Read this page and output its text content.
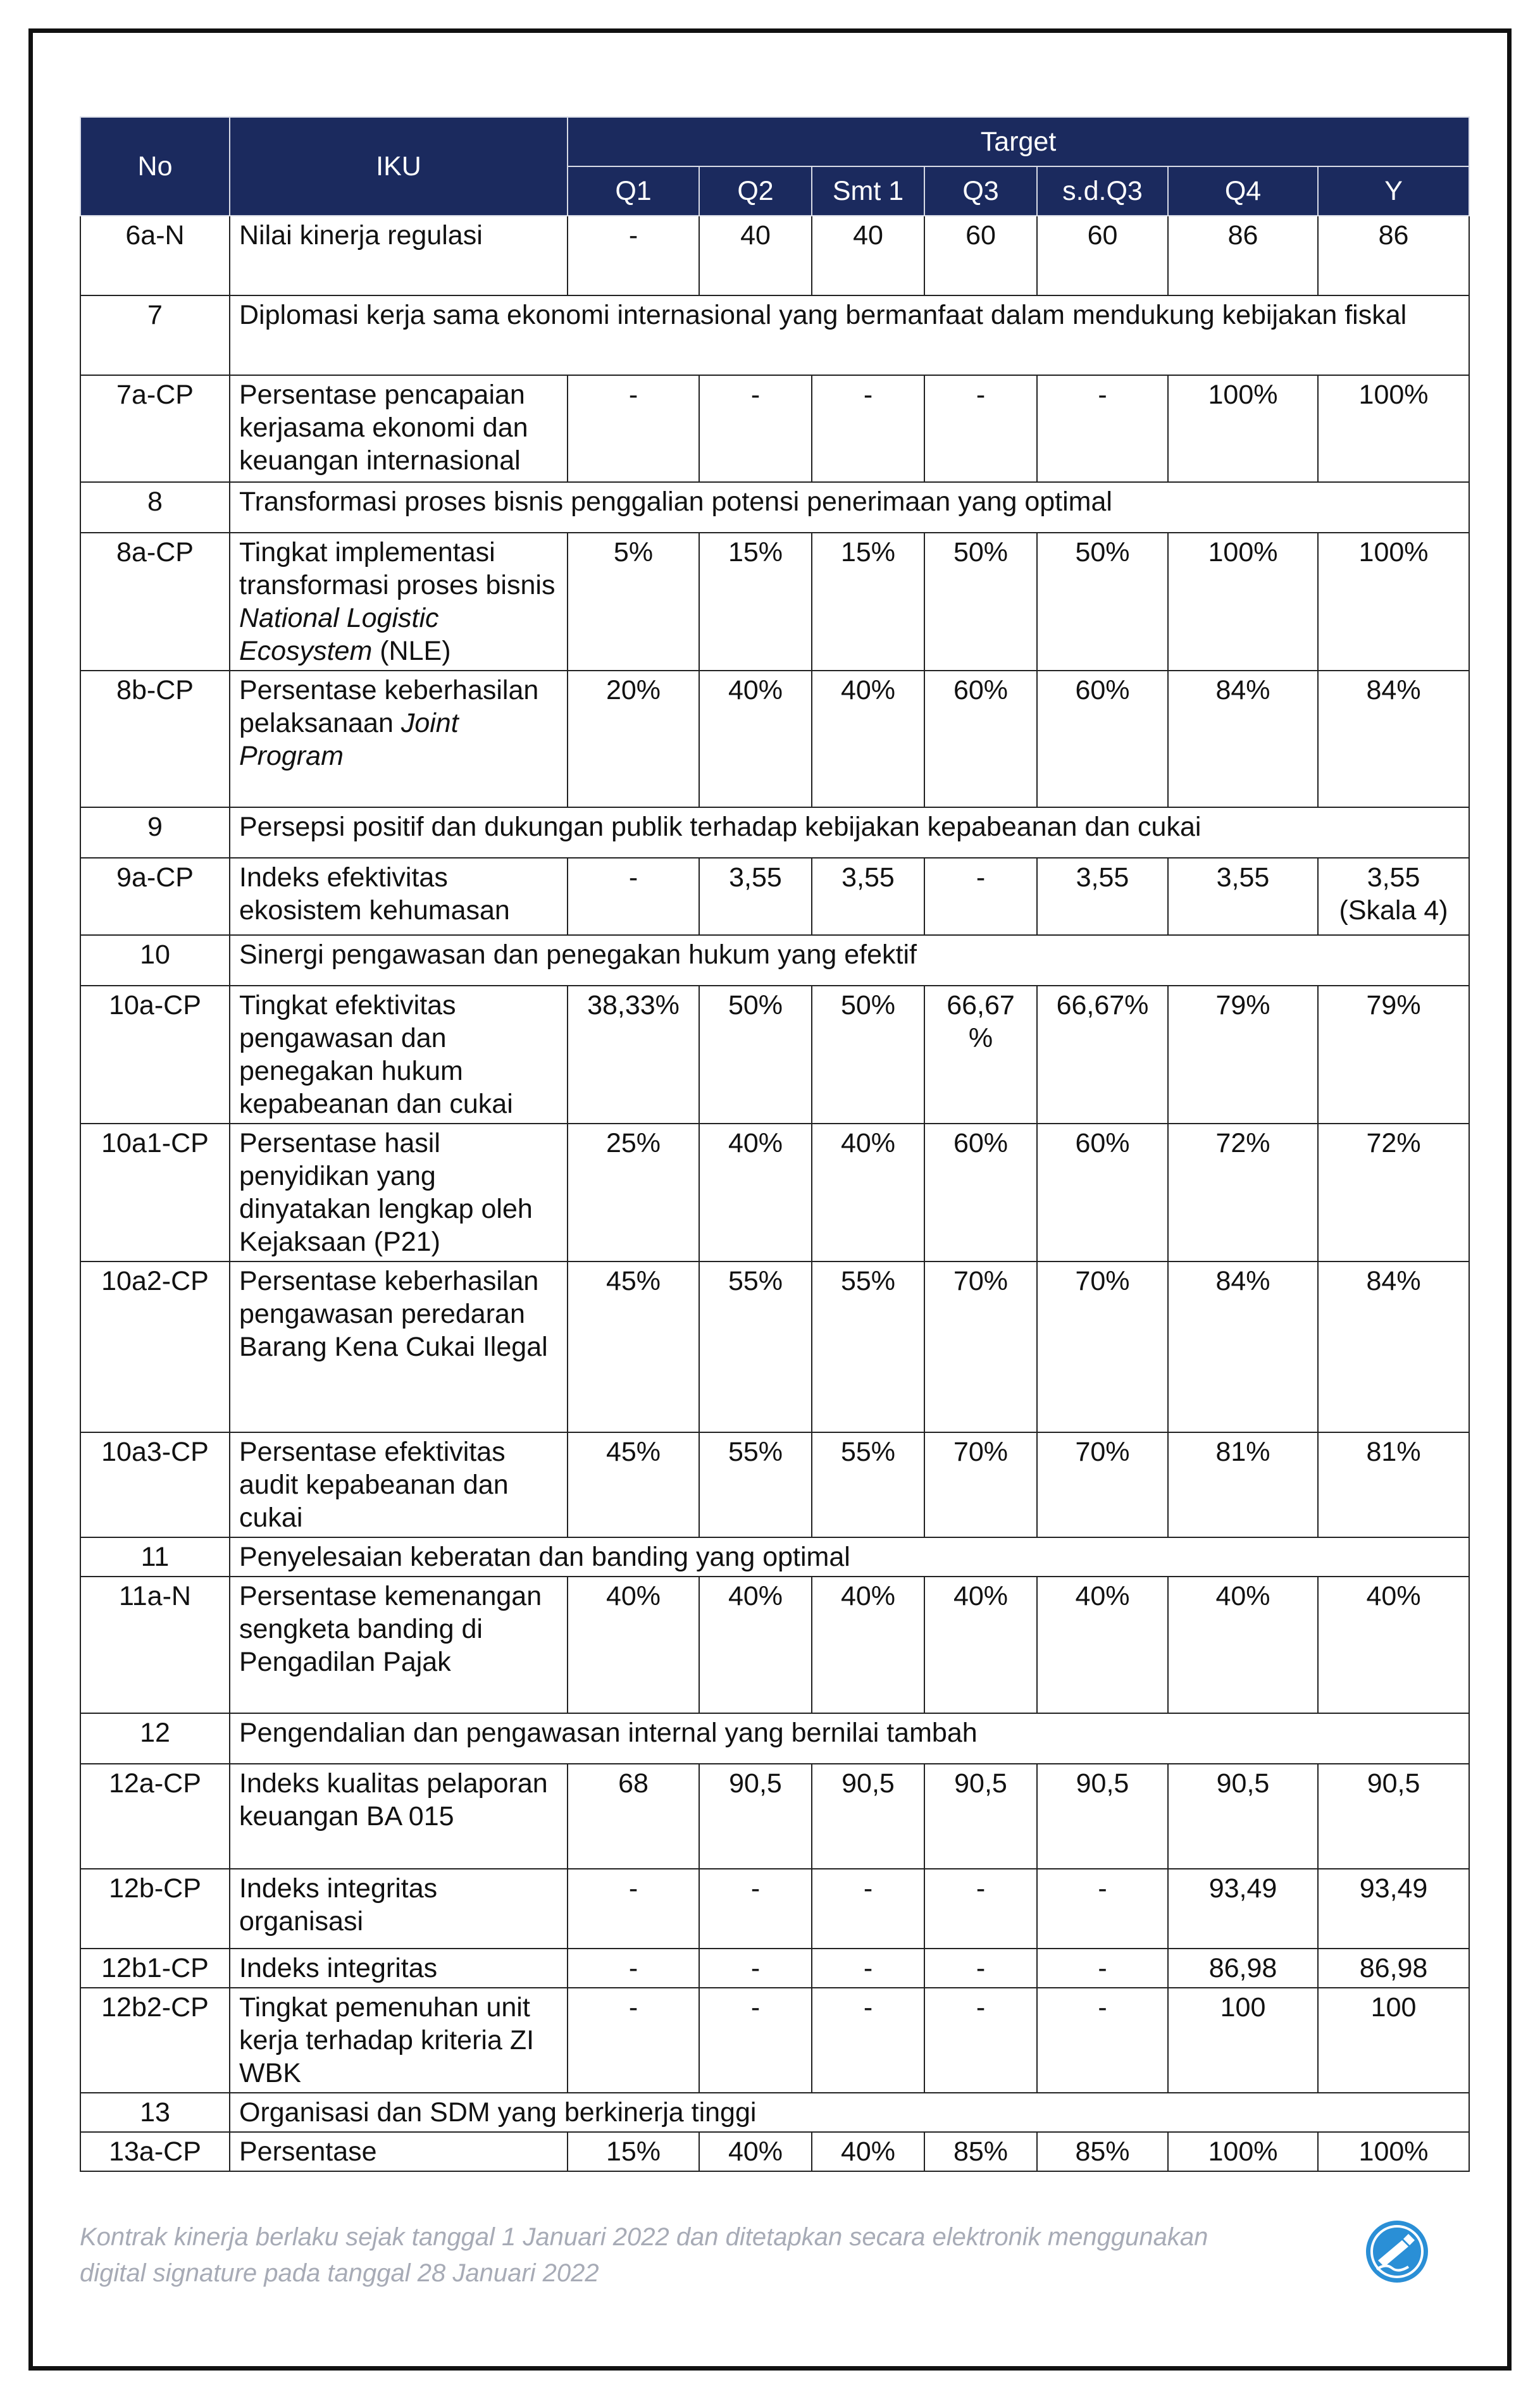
No	IKU	Target						
		Q1	Q2	Smt 1	Q3	s.d.Q3	Q4	Y
6a-N	Nilai kinerja regulasi	-	40	40	60	60	86	86

7	Diplomasi kerja sama ekonomi internasional yang bermanfaat dalam mendukung kebijakan fiskal							
7a-CP	Persentase pencapaian kerjasama ekonomi dan keuangan internasional	-	-	-	-	-	100%	100%

8	Transformasi proses bisnis penggalian potensi penerimaan yang optimal							
8a-CP	Tingkat implementasi transformasi proses bisnis National Logistic Ecosystem (NLE)	5%	15%	15%	50%	50%	100%	100%

8b-CP	Persentase keberhasilan pelaksanaan Joint Program	20%	40%	40%	60%	60%	84%	84%

9	Persepsi positif dan dukungan publik terhadap kebijakan kepabeanan dan cukai							
9a-CP	Indeks efektivitas ekosistem kehumasan	-	3,55	3,55	-	3,55	3,55	3,55
(Skala 4)

10	Sinergi pengawasan dan penegakan hukum yang efektif							
10a-CP	Tingkat efektivitas pengawasan dan penegakan hukum kepabeanan dan cukai	38,33%	50%	50%	66,67 %	66,67%	79%	79%

10a1-CP	Persentase hasil penyidikan yang dinyatakan lengkap oleh Kejaksaan (P21)	25%	40%	40%	60%	60%	72%	72%

10a2-CP	Persentase keberhasilan pengawasan peredaran Barang Kena Cukai Ilegal	45%	55%	55%	70%	70%	84%	84%

10a3-CP	Persentase efektivitas audit kepabeanan dan cukai	45%	55%	55%	70%	70%	81%	81%

11	Penyelesaian keberatan dan banding yang optimal							
11a-N	Persentase kemenangan sengketa banding di Pengadilan Pajak	40%	40%	40%	40%	40%	40%	40%

12	Pengendalian dan pengawasan internal yang bernilai tambah							
12a-CP	Indeks kualitas pelaporan keuangan BA 015	68	90,5	90,5	90,5	90,5	90,5	90,5

12b-CP	Indeks integritas organisasi	-	-	-	-	-	93,49	93,49

12b1-CP	Indeks integritas	-	-	-	-	-	86,98	86,98

12b2-CP	Tingkat pemenuhan unit kerja terhadap kriteria ZI WBK	-	-	-	-	-	100	100

13	Organisasi dan SDM yang berkinerja tinggi							
13a-CP	Persentase	15%	40%	40%	85%	85%	100%	100%
Kontrak kinerja berlaku sejak tanggal 1 Januari 2022 dan ditetapkan secara elektronik menggunakan
digital signature pada tanggal 28 Januari 2022
